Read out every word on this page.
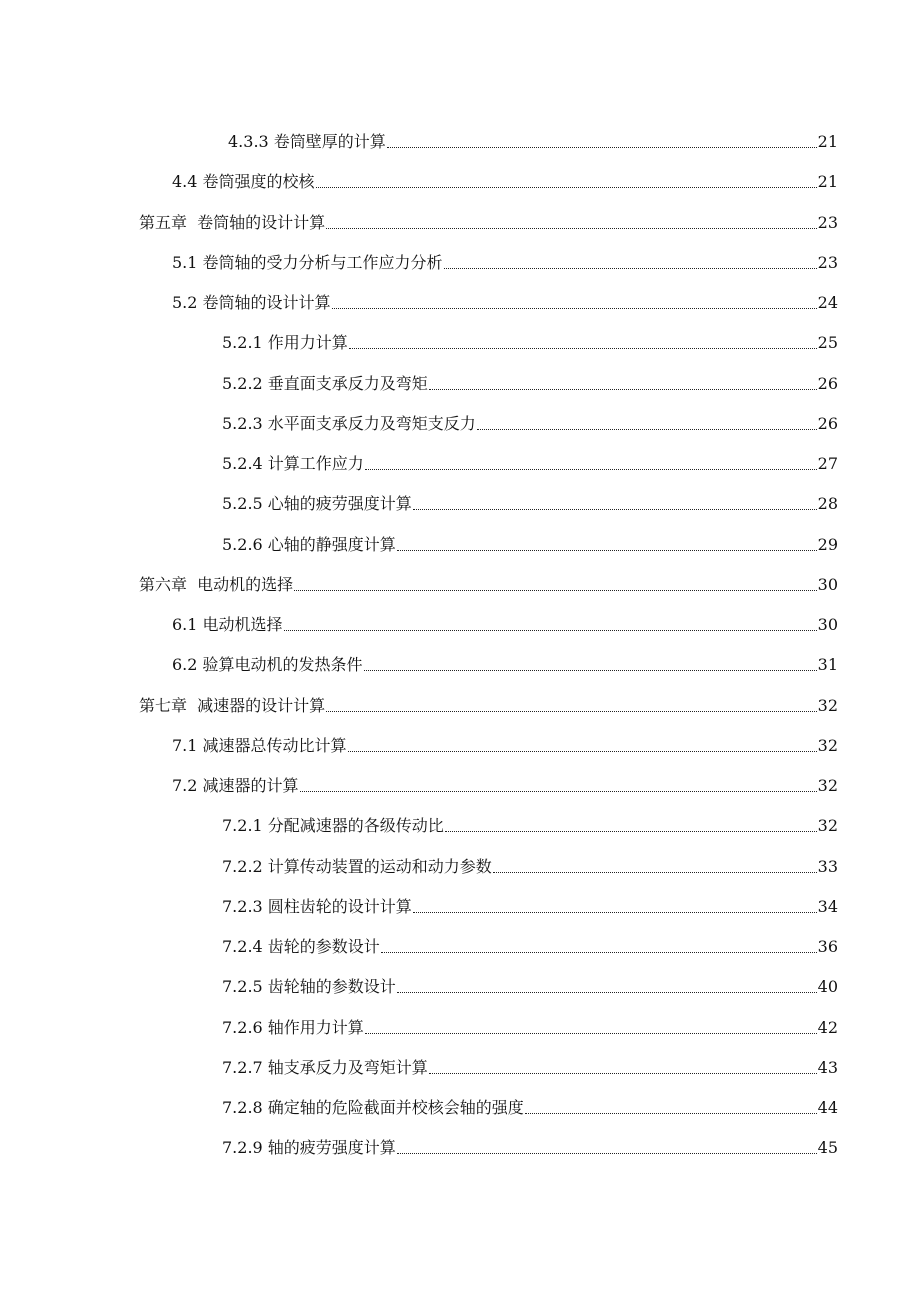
4.3.3 卷筒壁厚的计算	21
4.4 卷筒强度的校核	21
第五章  卷筒轴的设计计算	23
5.1 卷筒轴的受力分析与工作应力分析	23
5.2 卷筒轴的设计计算	24
5.2.1 作用力计算	25
5.2.2 垂直面支承反力及弯矩	26
5.2.3 水平面支承反力及弯矩支反力	26
5.2.4 计算工作应力	27
5.2.5 心轴的疲劳强度计算	28
5.2.6 心轴的静强度计算	29
第六章  电动机的选择	30
6.1 电动机选择	30
6.2 验算电动机的发热条件	31
第七章  减速器的设计计算	32
7.1 减速器总传动比计算	32
7.2 减速器的计算	32
7.2.1 分配减速器的各级传动比	32
7.2.2 计算传动装置的运动和动力参数	33
7.2.3 圆柱齿轮的设计计算	34
7.2.4 齿轮的参数设计	36
7.2.5 齿轮轴的参数设计	40
7.2.6 轴作用力计算	42
7.2.7 轴支承反力及弯矩计算	43
7.2.8 确定轴的危险截面并校核会轴的强度	44
7.2.9 轴的疲劳强度计算	45
